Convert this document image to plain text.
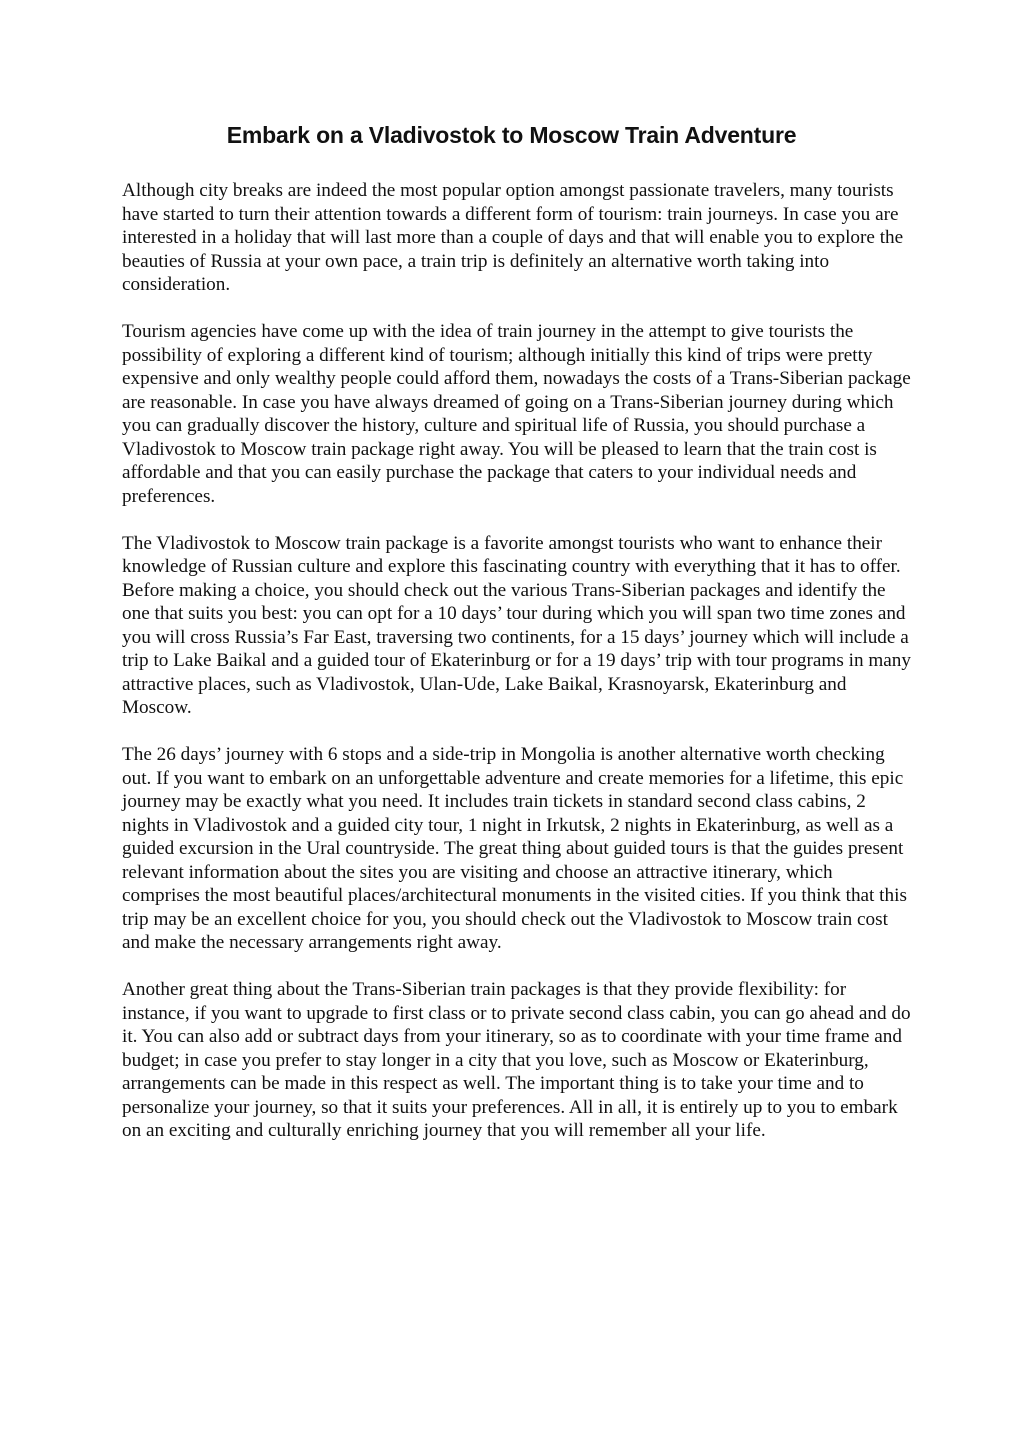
Embark on a Vladivostok to Moscow Train Adventure

Although city breaks are indeed the most popular option amongst passionate travelers, many tourists have started to turn their attention towards a different form of tourism: train journeys. In case you are interested in a holiday that will last more than a couple of days and that will enable you to explore the beauties of Russia at your own pace, a train trip is definitely an alternative worth taking into consideration.

Tourism agencies have come up with the idea of train journey in the attempt to give tourists the possibility of exploring a different kind of tourism; although initially this kind of trips were pretty expensive and only wealthy people could afford them, nowadays the costs of a Trans-Siberian package are reasonable. In case you have always dreamed of going on a Trans-Siberian journey during which you can gradually discover the history, culture and spiritual life of Russia, you should purchase a Vladivostok to Moscow train package right away. You will be pleased to learn that the train cost is affordable and that you can easily purchase the package that caters to your individual needs and preferences.

The Vladivostok to Moscow train package is a favorite amongst tourists who want to enhance their knowledge of Russian culture and explore this fascinating country with everything that it has to offer. Before making a choice, you should check out the various Trans-Siberian packages and identify the one that suits you best: you can opt for a 10 days’ tour during which you will span two time zones and you will cross Russia’s Far East, traversing two continents, for a 15 days’ journey which will include a trip to Lake Baikal and a guided tour of Ekaterinburg or for a 19 days’ trip with tour programs in many attractive places, such as Vladivostok, Ulan-Ude, Lake Baikal, Krasnoyarsk, Ekaterinburg and Moscow.

The 26 days’ journey with 6 stops and a side-trip in Mongolia is another alternative worth checking out. If you want to embark on an unforgettable adventure and create memories for a lifetime, this epic journey may be exactly what you need. It includes train tickets in standard second class cabins, 2 nights in Vladivostok and a guided city tour, 1 night in Irkutsk, 2 nights in Ekaterinburg, as well as a guided excursion in the Ural countryside. The great thing about guided tours is that the guides present relevant information about the sites you are visiting and choose an attractive itinerary, which comprises the most beautiful places/architectural monuments in the visited cities. If you think that this trip may be an excellent choice for you, you should check out the Vladivostok to Moscow train cost and make the necessary arrangements right away.

Another great thing about the Trans-Siberian train packages is that they provide flexibility: for instance, if you want to upgrade to first class or to private second class cabin, you can go ahead and do it. You can also add or subtract days from your itinerary, so as to coordinate with your time frame and budget; in case you prefer to stay longer in a city that you love, such as Moscow or Ekaterinburg, arrangements can be made in this respect as well. The important thing is to take your time and to personalize your journey, so that it suits your preferences. All in all, it is entirely up to you to embark on an exciting and culturally enriching journey that you will remember all your life.
